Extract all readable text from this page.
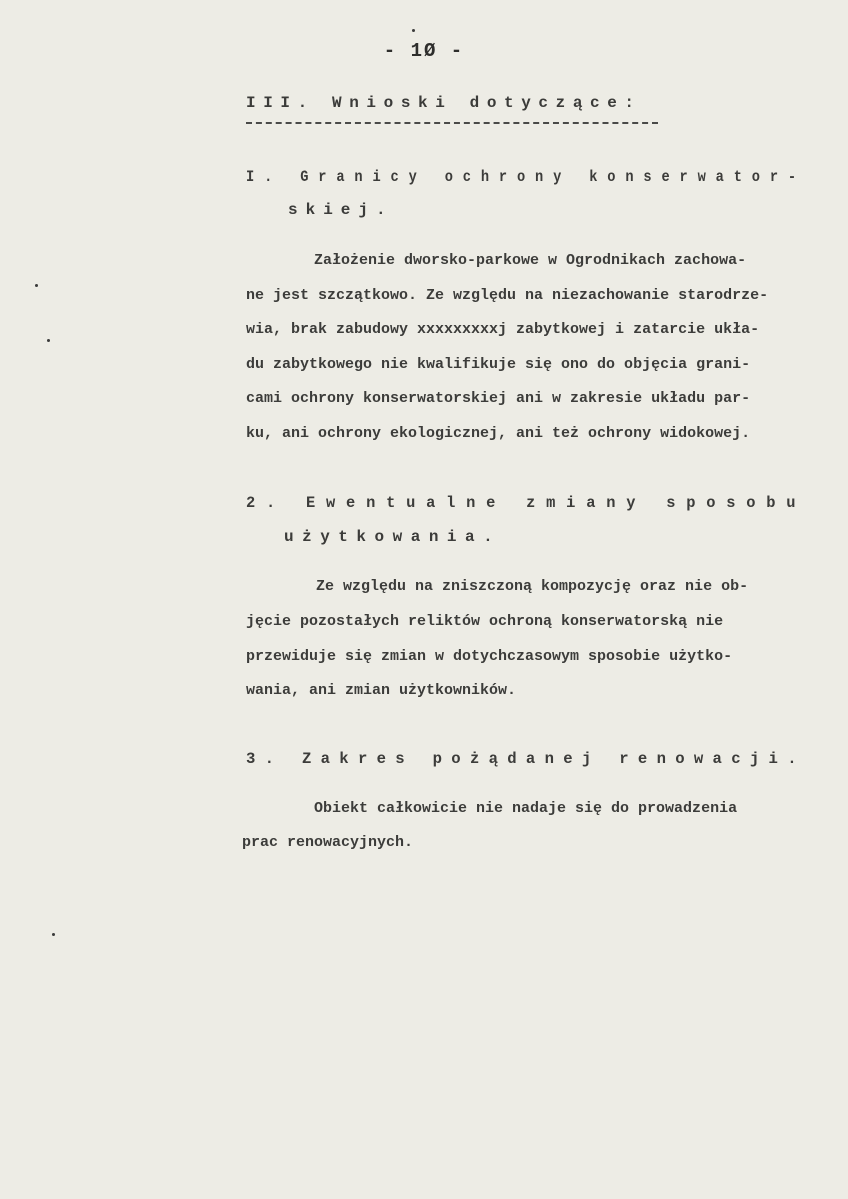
- 1Ø -
III. Wnioski dotyczące:
I. Granicy ochrony konserwator-
skiej.
Założenie dworsko-parkowe w Ogrodnikach zachowa-
ne jest szczątkowo. Ze względu na niezachowanie starodrze-
wia, brak zabudowy xxxxxxxxxj zabytkowej i zatarcie ukła-
du zabytkowego nie kwalifikuje się ono do objęcia grani-
cami ochrony konserwatorskiej ani w zakresie układu par-
ku, ani ochrony ekologicznej, ani też ochrony widokowej.
2. Ewentualne zmiany sposobu
użytkowania.
Ze względu na zniszczoną kompozycję oraz nie ob-
jęcie pozostałych reliktów ochroną konserwatorską nie
przewiduje się zmian w dotychczasowym sposobie użytko-
wania, ani zmian użytkowników.
3. Zakres pożądanej renowacji.
Obiekt całkowicie nie nadaje się do prowadzenia
prac renowacyjnych.
